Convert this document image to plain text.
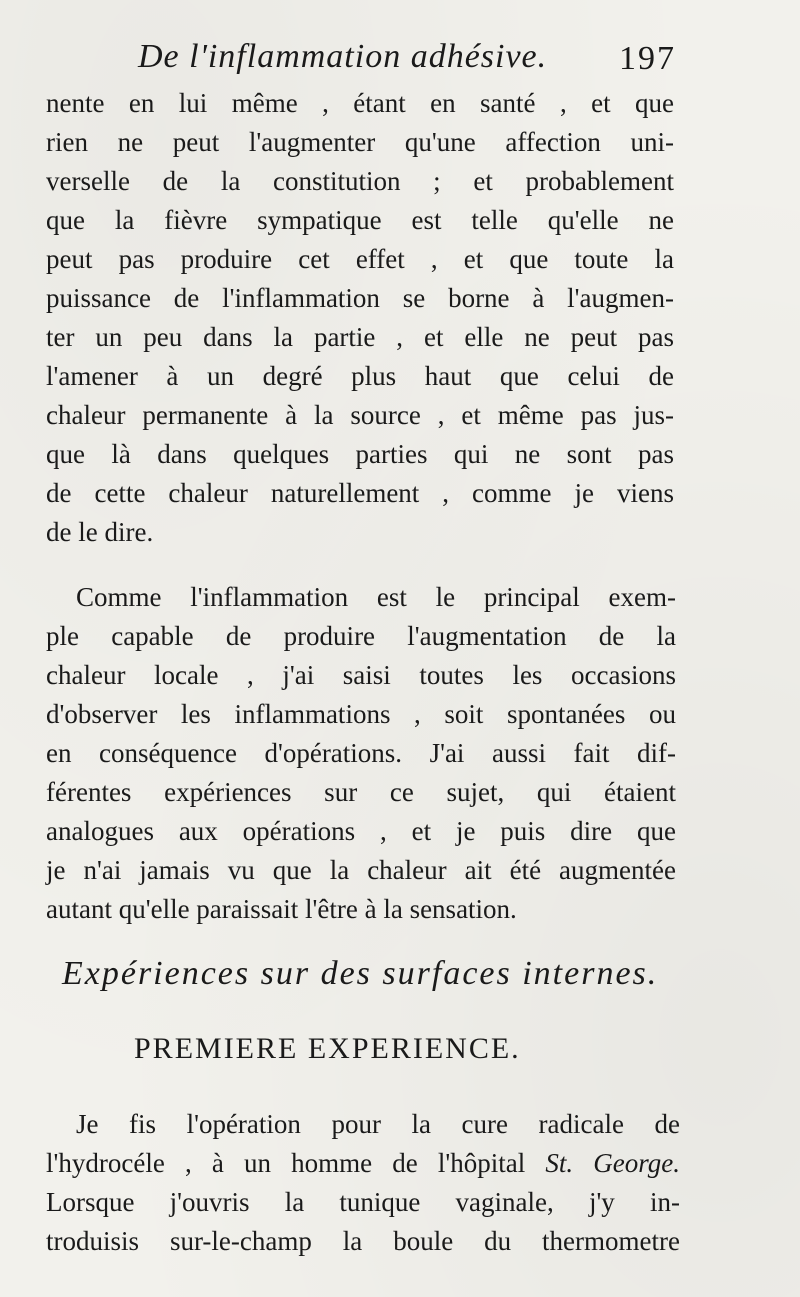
De l'inflammation adhésive. 197
nente en lui même , étant en santé , et que
rien ne peut l'augmenter qu'une affection uni-
verselle de la constitution ; et probablement
que la fièvre sympatique est telle qu'elle ne
peut pas produire cet effet , et que toute la
puissance de l'inflammation se borne à l'augmen-
ter un peu dans la partie , et elle ne peut pas
l'amener à un degré plus haut que celui de
chaleur permanente à la source , et même pas jus-
que là dans quelques parties qui ne sont pas
de cette chaleur naturellement , comme je viens
de le dire.
Comme l'inflammation est le principal exem-
ple capable de produire l'augmentation de la
chaleur locale , j'ai saisi toutes les occasions
d'observer les inflammations , soit spontanées ou
en conséquence d'opérations. J'ai aussi fait dif-
férentes expériences sur ce sujet, qui étaient
analogues aux opérations , et je puis dire que
je n'ai jamais vu que la chaleur ait été augmentée
autant qu'elle paraissait l'être à la sensation.
Expériences sur des surfaces internes.
PREMIERE EXPERIENCE.
Je fis l'opération pour la cure radicale de
l'hydrocéle , à un homme de l'hôpital St. George.
Lorsque j'ouvris la tunique vaginale, j'y in-
troduisis sur-le-champ la boule du thermometre
